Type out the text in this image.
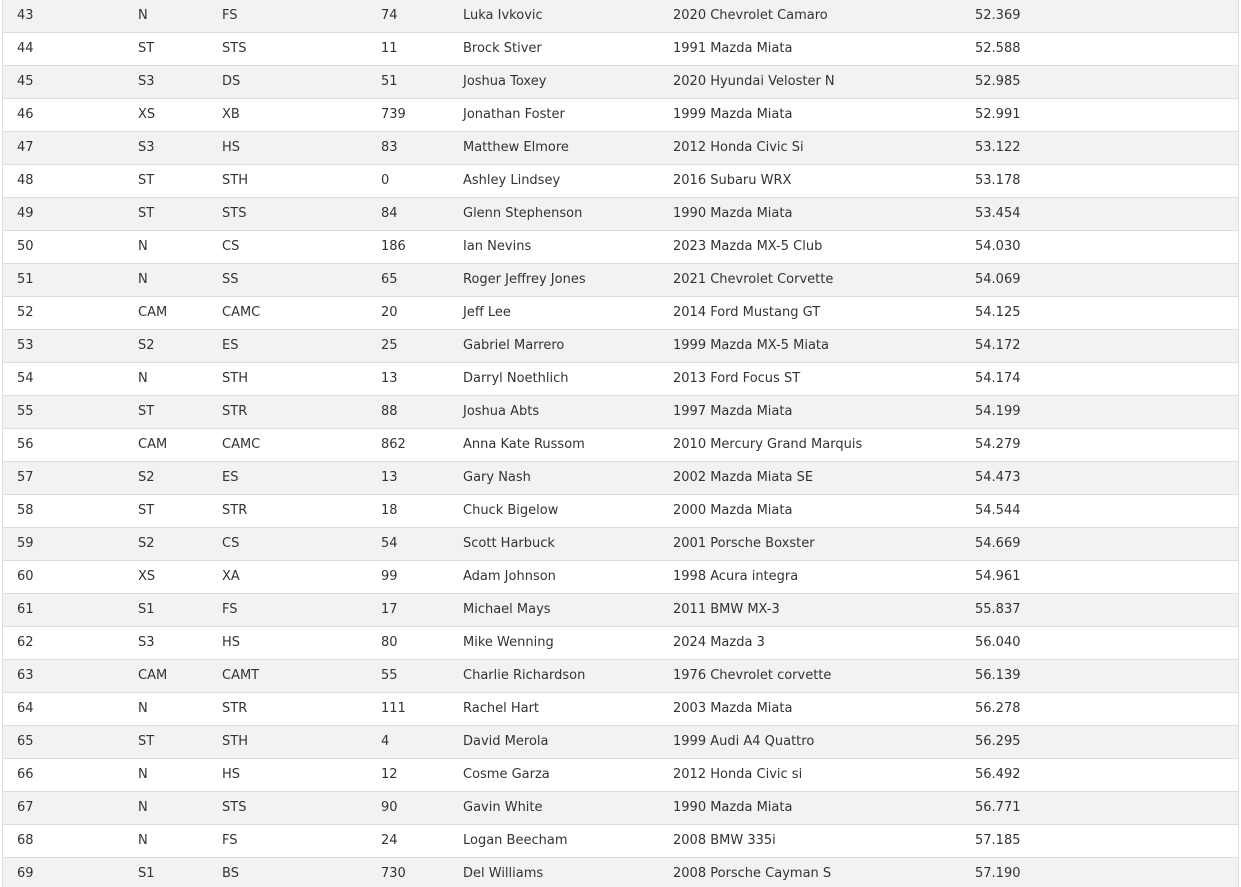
43	N	FS	74	Luka Ivkovic	2020 Chevrolet Camaro	52.369
44	ST	STS	11	Brock Stiver	1991 Mazda Miata	52.588
45	S3	DS	51	Joshua Toxey	2020 Hyundai Veloster N	52.985
46	XS	XB	739	Jonathan Foster	1999 Mazda Miata	52.991
47	S3	HS	83	Matthew Elmore	2012 Honda Civic Si	53.122
48	ST	STH	0	Ashley Lindsey	2016 Subaru WRX	53.178
49	ST	STS	84	Glenn Stephenson	1990 Mazda Miata	53.454
50	N	CS	186	Ian Nevins	2023 Mazda MX-5 Club	54.030
51	N	SS	65	Roger Jeffrey Jones	2021 Chevrolet Corvette	54.069
52	CAM	CAMC	20	Jeff Lee	2014 Ford Mustang GT	54.125
53	S2	ES	25	Gabriel Marrero	1999 Mazda MX-5 Miata	54.172
54	N	STH	13	Darryl Noethlich	2013 Ford Focus ST	54.174
55	ST	STR	88	Joshua Abts	1997 Mazda Miata	54.199
56	CAM	CAMC	862	Anna Kate Russom	2010 Mercury Grand Marquis	54.279
57	S2	ES	13	Gary Nash	2002 Mazda Miata SE	54.473
58	ST	STR	18	Chuck Bigelow	2000 Mazda Miata	54.544
59	S2	CS	54	Scott Harbuck	2001 Porsche Boxster	54.669
60	XS	XA	99	Adam Johnson	1998 Acura integra	54.961
61	S1	FS	17	Michael Mays	2011 BMW MX-3	55.837
62	S3	HS	80	Mike Wenning	2024 Mazda 3	56.040
63	CAM	CAMT	55	Charlie Richardson	1976 Chevrolet corvette	56.139
64	N	STR	111	Rachel Hart	2003 Mazda Miata	56.278
65	ST	STH	4	David Merola	1999 Audi A4 Quattro	56.295
66	N	HS	12	Cosme Garza	2012 Honda Civic si	56.492
67	N	STS	90	Gavin White	1990 Mazda Miata	56.771
68	N	FS	24	Logan Beecham	2008 BMW 335i	57.185
69	S1	BS	730	Del Williams	2008 Porsche Cayman S	57.190
